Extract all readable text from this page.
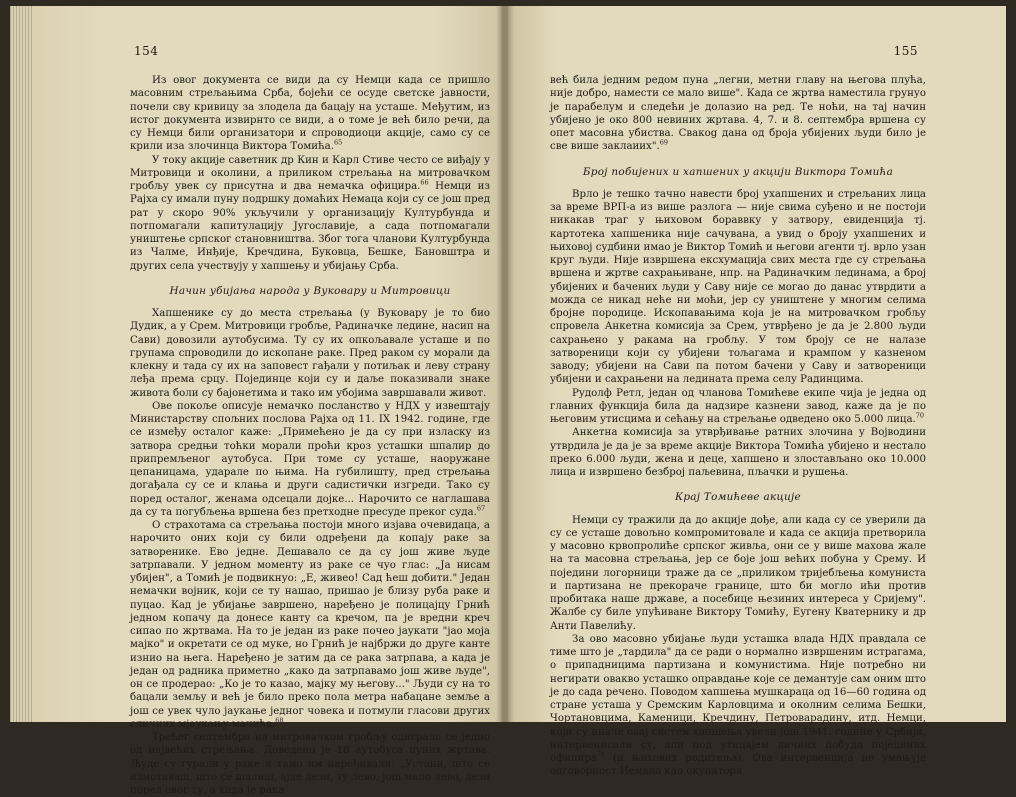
154

Из овог документа се види да су Немци када се пришло масовним стрељањима Срба, бојећи се осуде светске јавности, почели сву кривицу за злодела да бацају на усташе. Међутим, из истог документа извирнто се види, а о томе је већ било речи, да су Немци били организатори и спроводиоци акције, само су се крили иза злочинца Виктора Томића.$^{65}$

У току акције саветник др Кин и Карл Стиве често се виђају у Митровици и околини, а приликом стрељања на митровачком гробљу увек су присутна и два немачка официра.$^{66}$ Немци из Рајха су имали пуну подршку домаћих Немаца који су се још пред рат у скоро 90% укључили у организацију Културбунда и потпомагали капитулацију Југославије, а сада потпомагали уништење српског становништва. Због тога чланови Културбунда из Чалме, Инђије, Кречдина, Буковца, Бешке, Бановштра и других села учествују у хапшењу и убијању Срба.

Начин убијања народа у Вуковару и Митровици

Хапшенике су до места стрељања (у Вуковару је то био Дудик, а у Срем. Митровици гробље, Радиначке ледине, насип на Сави) довозили аутобусима. Ту су их опкољавале усташе и по групама спроводили до ископане раке. Пред раком су морали да клекну и тада су их на заповест гађали у потиљак и леву страну леђа према срцу. Појединце који су и даље показивали знаке живота боли су бајонетима и тако им убојима завршавали живот.

Ове покоље описује немачко посланство у НДХ у извештају Министарству спољних послова Рајха од 11. IX 1942. године, где се између осталог каже: „Примећено је да су при изласку из затвора средњи тоћки морали проћи кроз усташки шпалир до припремљеног аутобуса. При томе су усташе, наоружане цепаницама, ударале по њима. На губилишту, пред стрељања догађала су се и клања и други садистички изгреди. Тако су поред осталог, женама одсецали дојке... Нарочито се наглашава да су та погубљења вршена без претходне пресуде преког суда.$^{67}$

О страхотама са стрељања постоји много изјава очевидаца, а нарочито оних који су били одређени да копају раке за затворенике. Ево једне. Дешавало се да су још живе људе затрпавали. У једном моменту из раке се чуо глас: „Ја нисам убијен", а Томић је подвикнуо: „Е, живео! Сад ћеш добити." Један немачки војник, који се ту нашао, пришао је близу руба раке и пуцао. Кад је убијање завршено, наређено је полицајцу Грнић једном копачу да донесе канту са кречом, па је вредни креч сипао по жртвама. На то је један из раке почео јаукати "јао моја мајко" и окретати се од муке, но Грнић је најбржи до друге канте изнио на њега. Наређено је затим да се рака затрпава, а када је један од радника приметно „како да затрпавамо још живе људе", он се продерао: „Ко је то казао, мајку му његову..." Људи су на то бацали земљу и већ је било преко пола метра набацане земље а још се увек чуло јаукање једног човека и потмули гласови других сличних мјаукању мачића.$^{68}$

Трећег септембра на митровачком гробљу одиграло се једно од највећих стрељања. Доведено је 18 аутобуса пуних жртава. Људе су гурали у раке и тамо им наређивали: „Устани, што се измотаваш, што се шалиш, ајде лези, ту лево, још мало лево, лези поред овог ту, а када је рака

155

већ била једним редом пуна „легни, метни главу на његова плућа, није добро, намести се мало више". Када се жртва наместила грунуо је парабелум и следећи је долазио на ред. Те ноћи, на тај начин убијено је око 800 невиних жртава. 4, 7. и 8. септембра вршена су опет масовна убиства. Свакоg дана од броја убијених људи било је све више заклаиих".$^{69}$

Број побијених и хапшених у акцији Виктора Томића

Врло је тешко тачно навести број ухапшених и стрељаних лица за време ВРП-а из више разлога — није свима суђено и не постоји никакав траг у њиховом бораввку у затвору, евиденција тј. картотека хапшеника није сачувана, а увид о броју ухапшених и њиховој судбини имао је Виктор Томић и његови агенти тј. врло узан круг људи. Није извршена ексхумација свих места где су стрељања вршена и жртве сахрањиване, нпр. на Радиначким лединама, а број убијених и бачених људи у Саву није се могао до данас утврдити а можда се никад неће ни моћи, јер су уништене у многим селима бројне породице. Ископавањима која је на митровачком гробљу спровела Анкетна комисија за Срем, утврђено је да је 2.800 људи сахрањено у ракама на гробљу. У том броју се не налазе затвореници који су убијени тољагама и крампом у казненом заводу; убијени на Сави па потом бачени у Саву и затвореници убијени и сахрањени на ледината према селу Радинцима.

Рудолф Ретл, један од чланова Томићеве екипе чија је једна од главних функција била да надзире казнени завод, каже да је по његовим утисцима и сећању на стрељање одведено око 5.000 лица.$^{70}$

Анкетна комисија за утврђивање ратних злочина у Војводини утврдила је да је за време акције Виктора Томића убијено и нестало преко 6.000 људи, жена и деце, хапшено и злостављано око 10.000 лица и извршено безброј паљевина, пљачки и рушења.

Крај Томићеве акције

Немци су тражили да до акције дође, али када су се уверили да су се усташе довољно компромитовале и када се акција претворила у масовно крвопролиће српског живља, они се у више махова жале на та масовна стрељања, јер се боје још већих побуна у Срему. И поједини логорници траже да се „приликом тријебљења комуниста и партизана не прекораче границе, што би могло ићи против пробитака наше државе, а посебице њезиних интереса у Сријему". Жалбе су биле упућиване Виктору Томићу, Еугену Кватернику и др Анти Павелићу.

За ово масовно убијање људи усташка влада НДХ правдала се тиме што је „тардила" да се ради о нормално извршеним истрагама, о припадницима партизана и комунистима. Није потребно ни негирати овакво усташко оправдање које се демантује сам оним што је до сада речено. Поводом хапшења мушкараца од 16—60 година од стране усташа у Сремским Карловцима и околним селима Бешки, Чортановцима, Каменици, Кречдину, Петроварадину, итд. Немци, који су иначе овај систем хапшења увели још 1941. године у Србији, интервенисали су, али под утицајем личних побуда појединих официра$^{71}$ (и њихових родитеља). Ова интервенција не умањује одговорност Немаца као окупатора
